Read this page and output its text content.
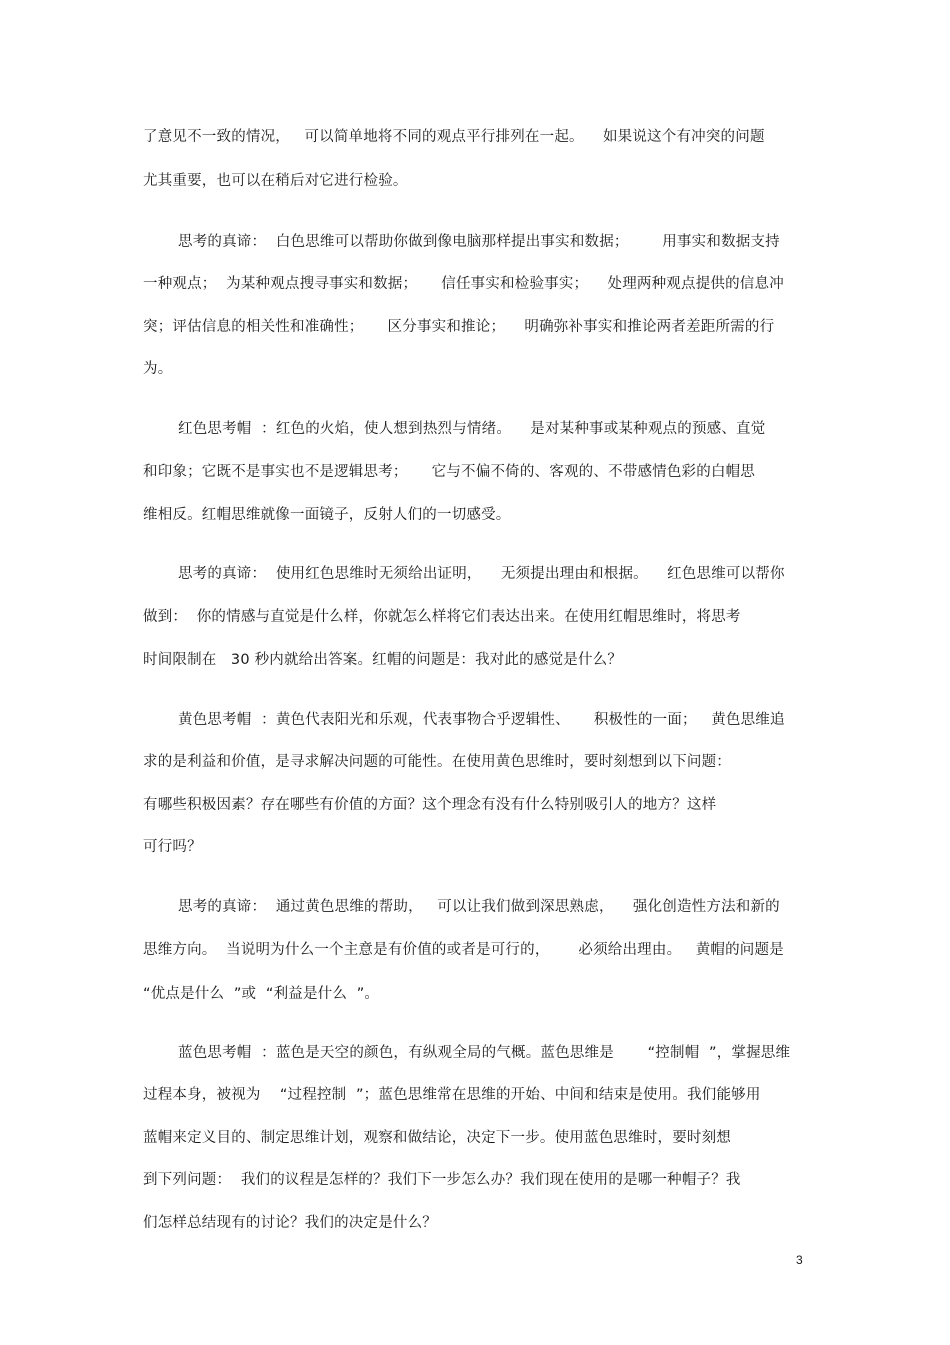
了意见不一致的情况，   可以简单地将不同的观点平行排列在一起。    如果说这个有冲突的问题
尤其重要，也可以在稍后对它进行检验。
思考的真谛：  白色思维可以帮助你做到像电脑那样提出事实和数据；       用事实和数据支持
一种观点；  为某种观点搜寻事实和数据；     信任事实和检验事实；    处理两种观点提供的信息冲
突；评估信息的相关性和准确性；     区分事实和推论；    明确弥补事实和推论两者差距所需的行
为。
红色思考帽  ：红色的火焰，使人想到热烈与情绪。    是对某种事或某种观点的预感、直觉
和印象；它既不是事实也不是逻辑思考；     它与不偏不倚的、客观的、不带感情色彩的白帽思
维相反。红帽思维就像一面镜子，反射人们的一切感受。
思考的真谛：  使用红色思维时无须给出证明，    无须提出理由和根据。    红色思维可以帮你
做到：  你的情感与直觉是什么样，你就怎么样将它们表达出来。在使用红帽思维时，将思考
时间限制在   30 秒内就给出答案。红帽的问题是：我对此的感觉是什么？
黄色思考帽  ：黄色代表阳光和乐观，代表事物合乎逻辑性、     积极性的一面；   黄色思维追
求的是利益和价值，是寻求解决问题的可能性。在使用黄色思维时，要时刻想到以下问题：
有哪些积极因素？存在哪些有价值的方面？这个理念有没有什么特别吸引人的地方？这样
可行吗？
思考的真谛：  通过黄色思维的帮助，   可以让我们做到深思熟虑，    强化创造性方法和新的
思维方向。  当说明为什么一个主意是有价值的或者是可行的，      必须给出理由。   黄帽的问题是
“优点是什么  ”或  “利益是什么  ”。
蓝色思考帽  ：蓝色是天空的颜色，有纵观全局的气概。蓝色思维是       “控制帽  ”，掌握思维
过程本身，被视为    “过程控制  ”；蓝色思维常在思维的开始、中间和结束是使用。我们能够用
蓝帽来定义目的、制定思维计划，观察和做结论，决定下一步。使用蓝色思维时，要时刻想
到下列问题：  我们的议程是怎样的？我们下一步怎么办？我们现在使用的是哪一种帽子？我
们怎样总结现有的讨论？我们的决定是什么？
3
